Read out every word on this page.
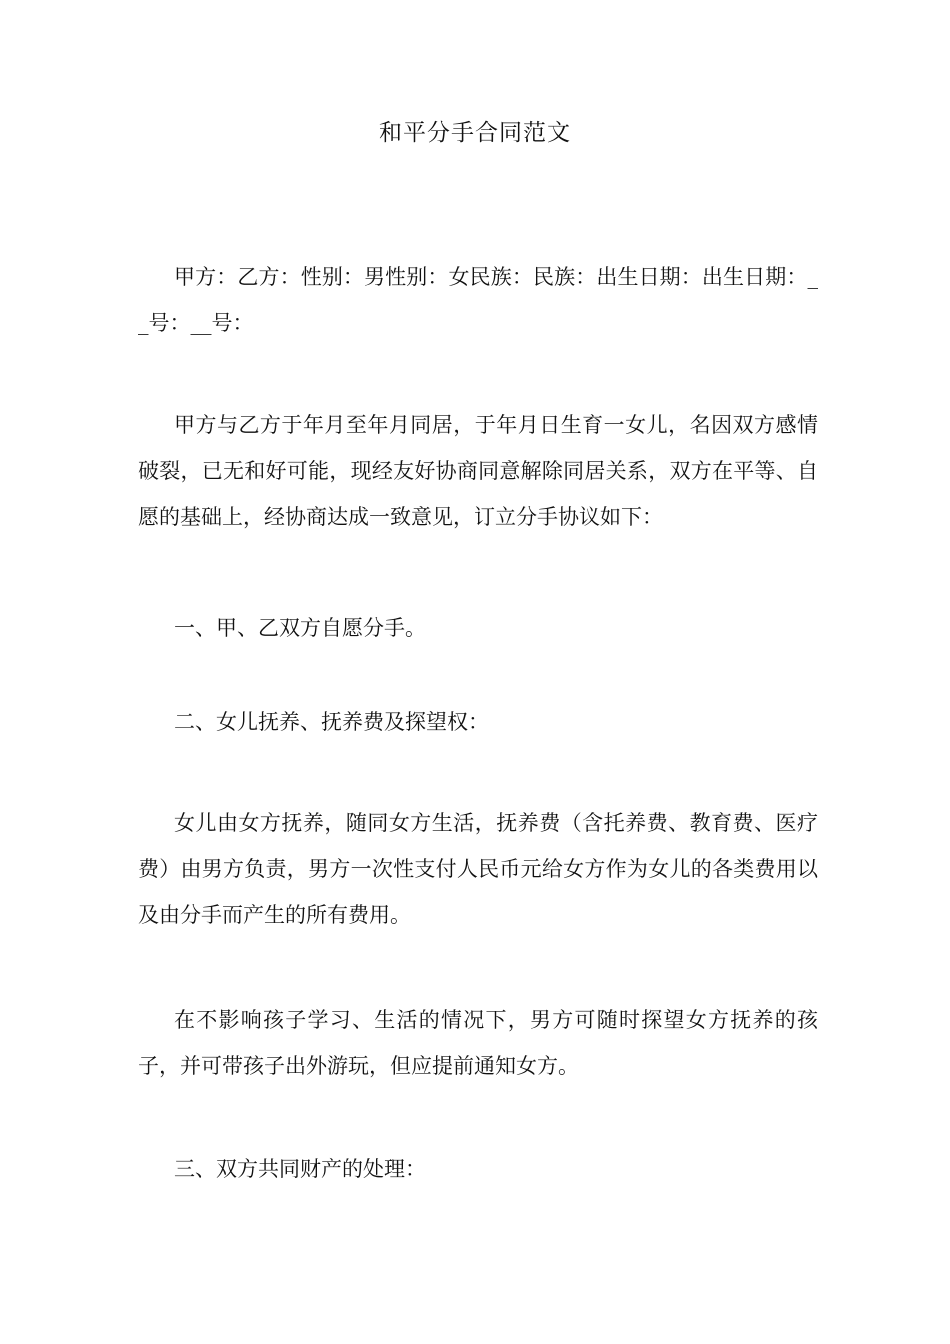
和平分手合同范文

甲方：乙方：性别：男性别：女民族：民族：出生日期：出生日期：__号：__号：

甲方与乙方于年月至年月同居，于年月日生育一女儿，名因双方感情破裂，已无和好可能，现经友好协商同意解除同居关系，双方在平等、自愿的基础上，经协商达成一致意见，订立分手协议如下：

一、甲、乙双方自愿分手。

二、女儿抚养、抚养费及探望权：

女儿由女方抚养，随同女方生活，抚养费（含托养费、教育费、医疗费）由男方负责，男方一次性支付人民币元给女方作为女儿的各类费用以及由分手而产生的所有费用。

在不影响孩子学习、生活的情况下，男方可随时探望女方抚养的孩子，并可带孩子出外游玩，但应提前通知女方。

三、双方共同财产的处理：
